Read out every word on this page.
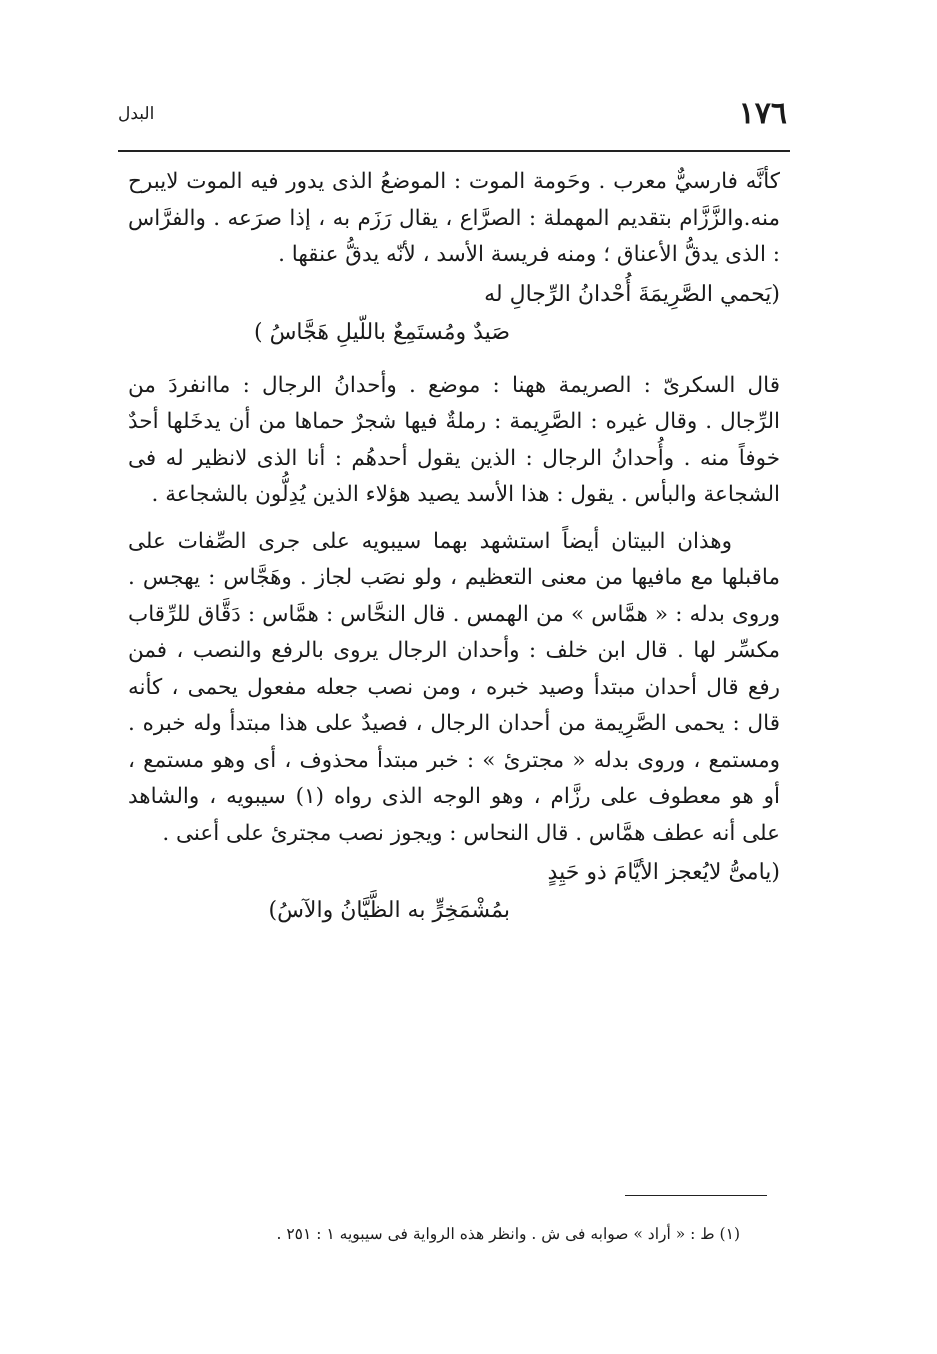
١٧٦
البدل

كأنَّه فارسيٌّ معرب . وحَومة الموت : الموضعُ الذى يدور فيه الموت لايبرح منه.والزَّزَّام بتقديم المهملة : الصرَّاع ، يقال رَزَم به ، إذا صرَعه . والفرَّاس : الذى يدقُّ الأعناق ؛ ومنه فريسة الأسد ، لأنّه يدقُّ عنقها .

(يَحمي الصَّرِيمَةَ أُحْدانُ الرِّجالِ له
صَيدٌ ومُستَمِعٌ باللّيلِ هَجَّاسُ )

قال السكرىّ : الصريمة ههنا : موضع . وأحدانُ الرجال : ماانفردَ من الرِّجال . وقال غيره : الصَّرِيمة : رملةٌ فيها شجرٌ حماها من أن يدخَلها أحدٌ خوفاً منه . وأُحدانُ الرجال : الذين يقول أحدهُم : أنا الذى لانظير له فى الشجاعة والبأس . يقول : هذا الأسد يصيد هؤلاء الذين يُدِلُّون بالشجاعة .

وهذان البيتان أيضاً استشهد بهما سيبويه على جرى الصِّفات على ماقبلها مع مافيها من معنى التعظيم ، ولو نصَب لجاز . وهَجَّاس : يهجس . وروى بدله : « همَّاس » من الهمس . قال النحَّاس : همَّاس : دَقَّاق للرِّقاب مكسِّر لها . قال ابن خلف : وأحدان الرجال يروى بالرفع والنصب ، فمن رفع قال أحدان مبتدأ وصيد خبره ، ومن نصب جعله مفعول يحمى ، كأنه قال : يحمى الصَّرِيمة من أحدان الرجال ، فصيدٌ على هذا مبتدأ وله خبره . ومستمع ، وروى بدله « مجترئ » : خبر مبتدأ محذوف ، أى وهو مستمع ، أو هو معطوف على رزَّام ، وهو الوجه الذى رواه (١) سيبويه ، والشاهد على أنه عطف همَّاس . قال النحاس : ويجوز نصب مجترئ على أعنى .

(يامىُّ لايُعجز الأيَّامَ ذو حَيِدٍ
بمُشْمَخِرٍّ به الظَّيَّانُ والآسُ)
(١) ط : « أراد » صوابه فى ش . وانظر هذه الرواية فى سيبويه ١ : ٢٥١ .
